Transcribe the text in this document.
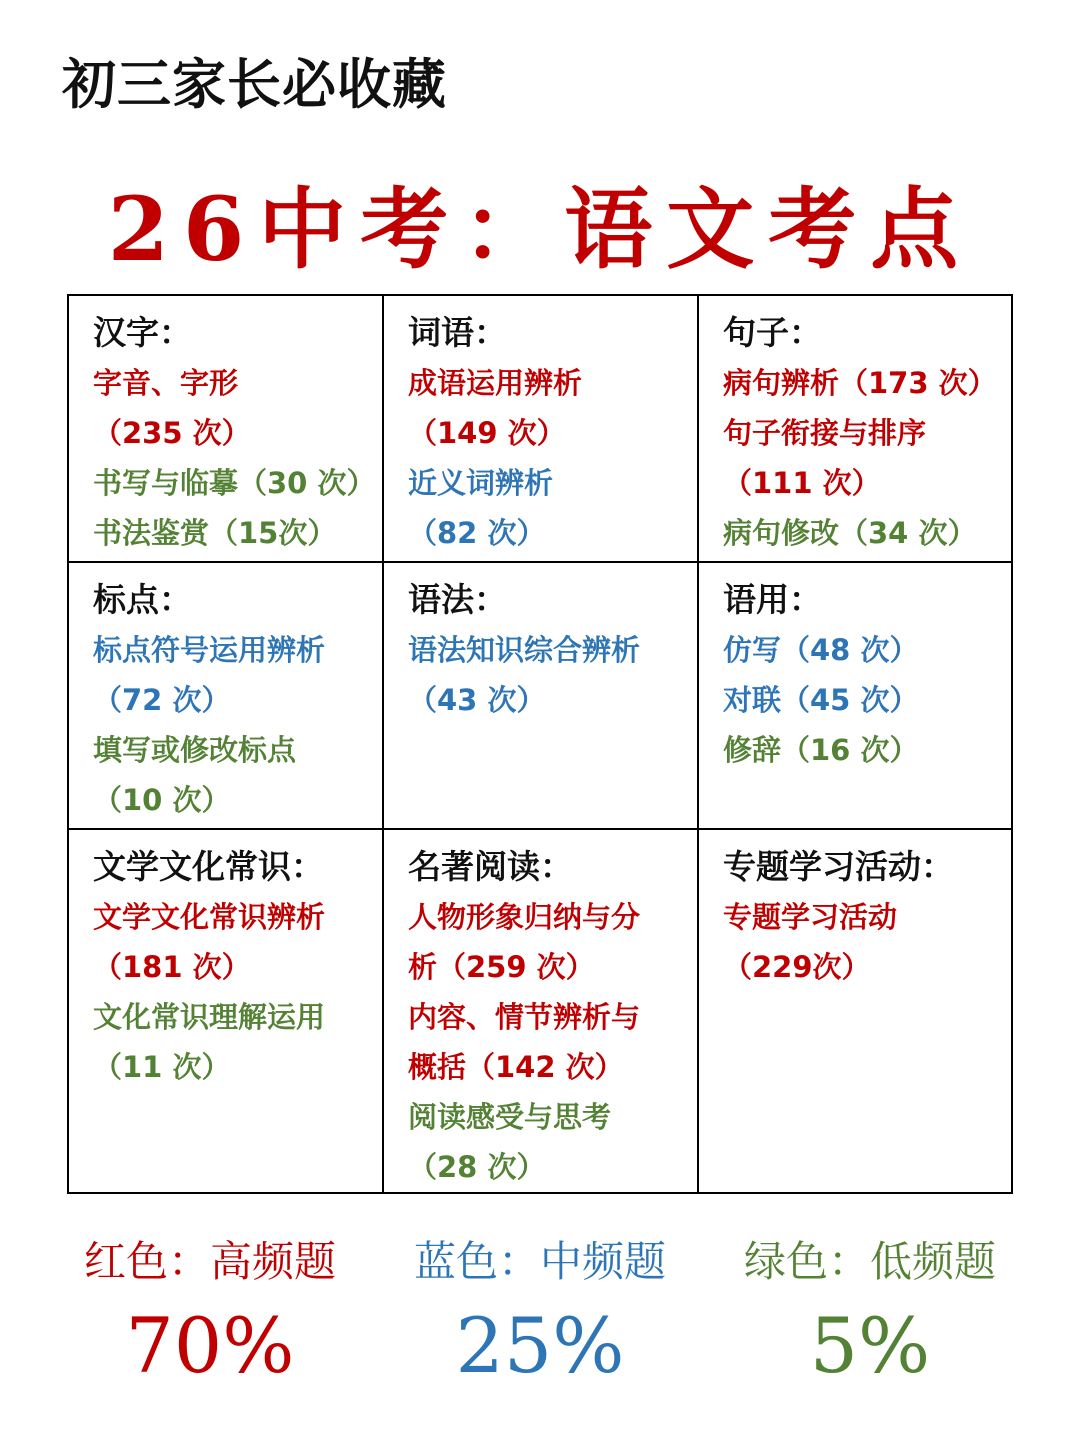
初三家长必收藏
26中考：语文考点
汉字：
字音、字形
（235 次）
书写与临摹（30 次）
书法鉴赏（15次）
词语：
成语运用辨析
（149 次）
近义词辨析
（82 次）
句子：
病句辨析（173 次）
句子衔接与排序
（111 次）
病句修改（34 次）
标点：
标点符号运用辨析
（72 次）
填写或修改标点
（10 次）
语法：
语法知识综合辨析
（43 次）
语用：
仿写（48 次）
对联（45 次）
修辞（16 次）
文学文化常识：
文学文化常识辨析
（181 次）
文化常识理解运用
（11 次）
名著阅读：
人物形象归纳与分
析（259 次）
内容、情节辨析与
概括（142 次）
阅读感受与思考
（28 次）
专题学习活动：
专题学习活动
（229次）
红色：高频题
70%
蓝色：中频题
25%
绿色：低频题
5%
